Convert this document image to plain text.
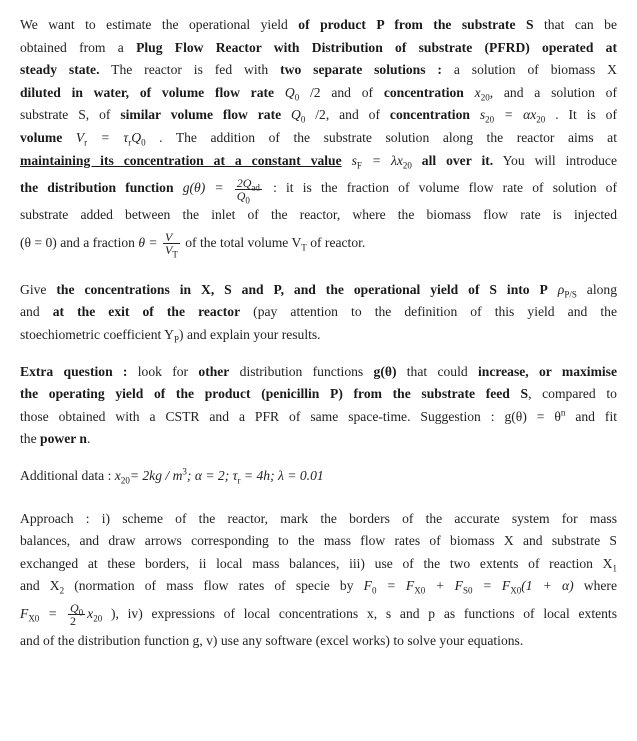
We want to estimate the operational yield of product P from the substrate S that can be
obtained from a Plug Flow Reactor with Distribution of substrate (PFRD) operated at
steady state. The reactor is fed with two separate solutions : a solution of biomass X
diluted in water, of volume flow rate $Q_0$ /2 and of concentration $x_{20}$, and a solution of
substrate S, of similar volume flow rate $Q_0$ /2, and of concentration $s_{20} = \alpha x_{20}$ . It is of
volume $V_r = \tau_rQ_0$ . The addition of the substrate solution along the reactor aims at
maintaining its concentration at a constant value $s_F = \lambda x_{20}$ all over it. You will introduce
the distribution function $g(\theta) = \frac{2Q_{ad}}{Q_0}$ : it is the fraction of volume flow rate of solution of
substrate added between the inlet of the reactor, where the biomass flow rate is injected
(θ = 0) and a fraction $\theta = \frac{V}{V_T}$ of the total volume $V_T$ of reactor.
Give the concentrations in X, S and P, and the operational yield of S into P $\rho_{P/S}$ along
and at the exit of the reactor (pay attention to the definition of this yield and the
stoechiometric coefficient $Y_P$) and explain your results.
Extra question : look for other distribution functions g(θ) that could increase, or maximise
the operating yield of the product (penicillin P) from the substrate feed S, compared to
those obtained with a CSTR and a PFR of same space-time. Suggestion : $g(\theta) = \theta^n$ and fit
the power n.
Additional data : $x_{20}= 2kg / m^3$; α = 2; $\tau_r = 4h$; λ = 0.01
Approach : i) scheme of the reactor, mark the borders of the accurate system for mass
balances, and draw arrows corresponding to the mass flow rates of biomass X and substrate S
exchanged at these borders, ii local mass balances, iii) use of the two extents of reaction $X_1$
and $X_2$ (normation of mass flow rates of specie by $F_0 = F_{X0} + F_{S0} = F_{X0}(1 + \alpha)$ where
$F_{X0} = \frac{Q_0}{2} x_{20}$ ), iv) expressions of local concentrations x, s and p as functions of local extents
and of the distribution function g, v) use any software (excel works) to solve your equations.
